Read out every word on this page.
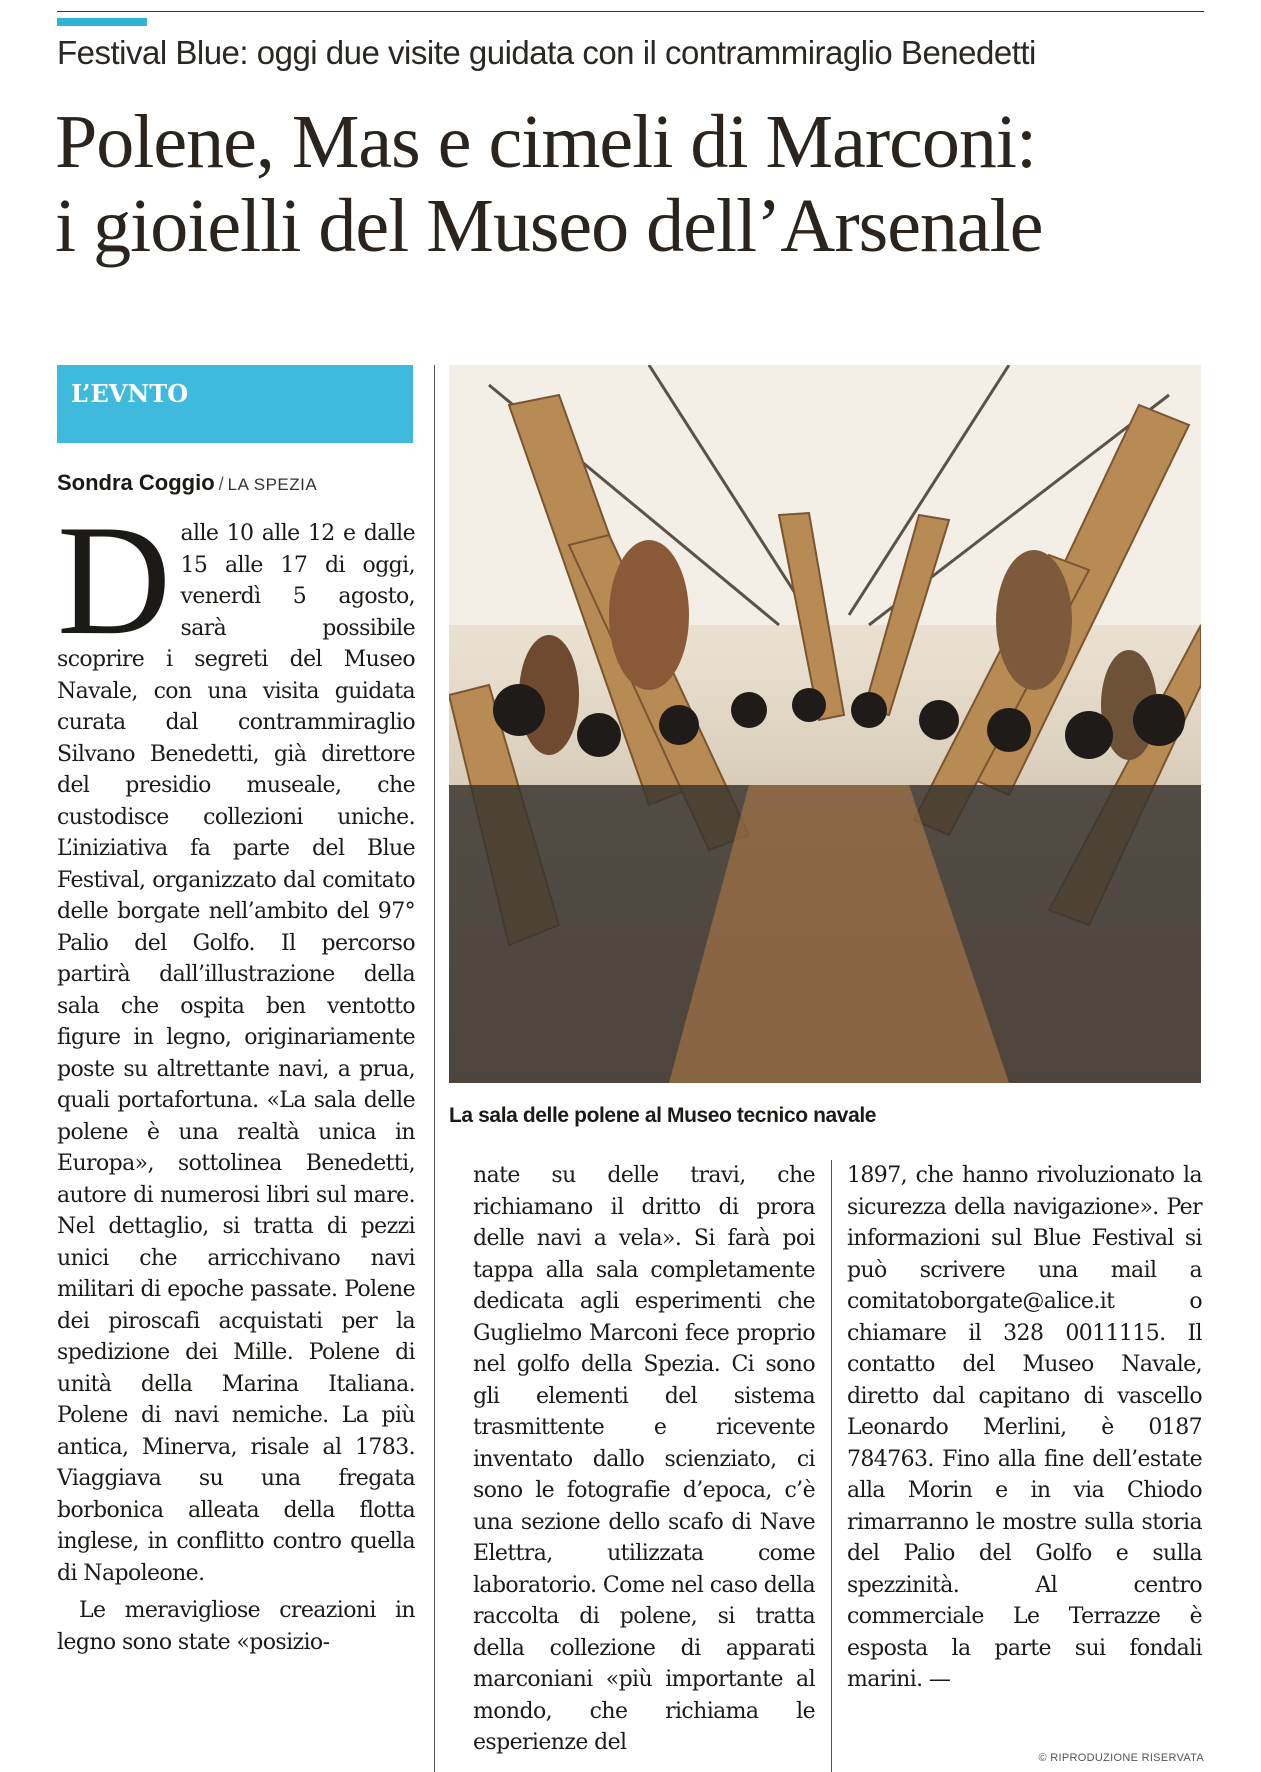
Festival Blue: oggi due visite guidata con il contrammiraglio Benedetti
Polene, Mas e cimeli di Marconi:
i gioielli del Museo dell’Arsenale
L’EVNTO
Sondra Coggio / LA SPEZIA

Dalle 10 alle 12 e dalle 15 alle 17 di oggi, venerdì 5 agosto, sarà possibile scoprire i segreti del Museo Navale, con una visita guidata curata dal contrammiraglio Silvano Benedetti, già direttore del presidio museale, che custodisce collezioni uniche. L’iniziativa fa parte del Blue Festival, organizzato dal comitato delle borgate nell’ambito del 97° Palio del Golfo. Il percorso partirà dall’illustrazione della sala che ospita ben ventotto figure in legno, originariamente poste su altrettante navi, a prua, quali portafortuna. «La sala delle polene è una realtà unica in Europa», sottolinea Benedetti, autore di numerosi libri sul mare. Nel dettaglio, si tratta di pezzi unici che arricchivano navi militari di epoche passate. Polene dei piroscafi acquistati per la spedizione dei Mille. Polene di unità della Marina Italiana. Polene di navi nemiche. La più antica, Minerva, risale al 1783. Viaggiava su una fregata borbonica alleata della flotta inglese, in conflitto contro quella di Napoleone.
Le meravigliose creazioni in legno sono state «posizio-

La sala delle polene al Museo tecnico navale

nate su delle travi, che richiamano il dritto di prora delle navi a vela». Si farà poi tappa alla sala completamente dedicata agli esperimenti che Guglielmo Marconi fece proprio nel golfo della Spezia. Ci sono gli elementi del sistema trasmittente e ricevente inventato dallo scienziato, ci sono le fotografie d’epoca, c’è una sezione dello scafo di Nave Elettra, utilizzata come laboratorio. Come nel caso della raccolta di polene, si tratta della collezione di apparati marconiani «più importante al mondo, che richiama le esperienze del

1897, che hanno rivoluzionato la sicurezza della navigazione». Per informazioni sul Blue Festival si può scrivere una mail a comitatoborgate@alice.it o chiamare il 328 0011115. Il contatto del Museo Navale, diretto dal capitano di vascello Leonardo Merlini, è 0187 784763. Fino alla fine dell’estate alla Morin e in via Chiodo rimarranno le mostre sulla storia del Palio del Golfo e sulla spezzinità. Al centro commerciale Le Terrazze è esposta la parte sui fondali marini. —

© RIPRODUZIONE RISERVATA
